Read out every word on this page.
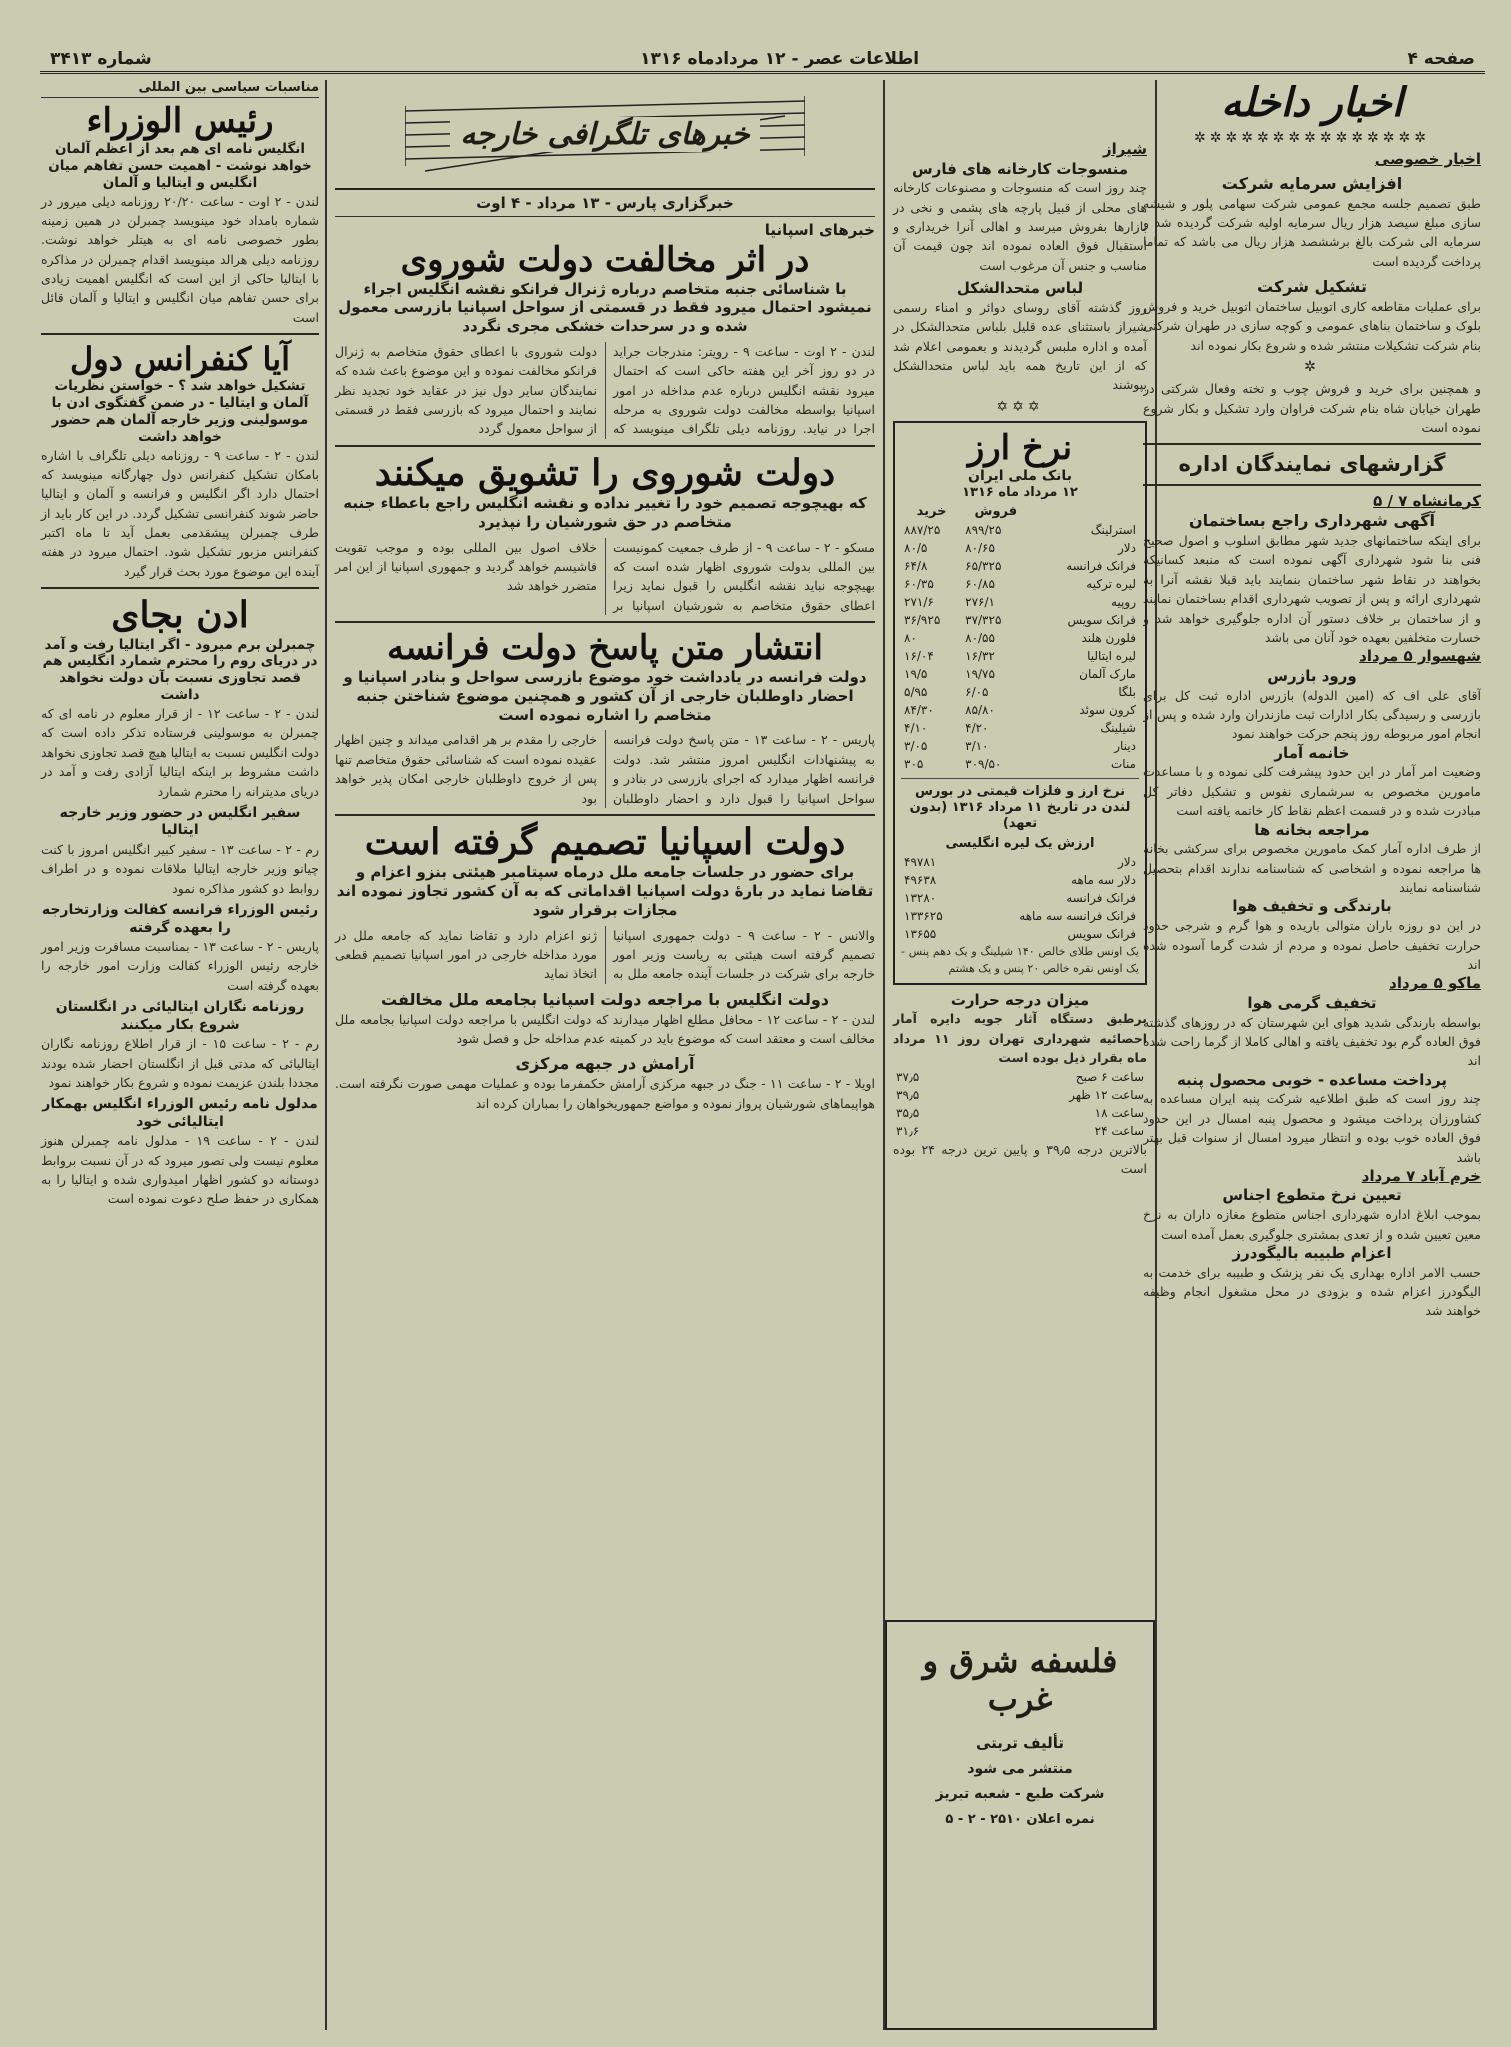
صفحه ۴
اطلاعات عصر - ۱۲ مردادماه ۱۳۱۶
شماره ۳۴۱۳
اخبار داخله
✲✲✲✲✲✲✲✲✲✲✲✲✲✲✲
اخبار خصوصی
افزایش سرمایه شرکت

طبق تصمیم جلسه مجمع عمومی شرکت سهامی پلور و شیشه سازی مبلغ سیصد هزار ریال سرمایه اولیه شرکت گردیده شد و سرمایه الی شرکت بالغ برششصد هزار ریال می باشد که تماما پرداخت گردیده است

تشکیل شرکت

برای عملیات مقاطعه کاری اتوبیل ساختمان اتوبیل خرید و فروش بلوک و ساختمان بناهای عمومی و کوچه سازی در طهران شرکتی بنام شرکت تشکیلات منتشر شده و شروع بکار نموده اند

✲

و همچنین برای خرید و فروش چوب و تخته وفعال شرکتی در طهران خیابان شاه بنام شرکت فراوان وارد تشکیل و بکار شروع نموده است

گزارشهای نمایندگان اداره
کرمانشاه ۷ / ۵
آگهی شهرداری راجع بساختمان

برای اینکه ساختمانهای جدید شهر مطابق اسلوب و اصول صحیح فنی بنا شود شهرداری آگهی نموده است که منبعد کسانیکه بخواهند در نقاط شهر ساختمان بنمایند باید قبلا نقشه آنرا به شهرداری ارائه و پس از تصویب شهرداری اقدام بساختمان نمایند و از ساختمان بر خلاف دستور آن اداره جلوگیری خواهد شد و خسارت متخلفین بعهده خود آنان می باشد

شهسوار ۵ مرداد
ورود بازرس

آقای علی اف که (امین الدوله) بازرس اداره ثبت کل برای بازرسی و رسیدگی بکار ادارات ثبت مازندران وارد شده و پس از انجام امور مربوطه روز پنجم حرکت خواهند نمود

خانمه آمار

وضعیت امر آمار در این حدود پیشرفت کلی نموده و با مساعدت مامورین مخصوص به سرشماری نفوس و تشکیل دفاتر کل مبادرت شده و در قسمت اعظم نقاط کار خاتمه یافته است

مراجعه بخانه ها

از طرف اداره آمار کمک مامورین مخصوص برای سرکشی بخانه ها مراجعه نموده و اشخاصی که شناسنامه ندارند اقدام بتحصیل شناسنامه نمایند

بارندگی و تخفیف هوا

در این دو روزه باران متوالی باریده و هوا گرم و شرجی حدود حرارت تخفیف حاصل نموده و مردم از شدت گرما آسوده شده اند

ماکو ۵ مرداد
تخفیف گرمی هوا

بواسطه بارندگی شدید هوای این شهرستان که در روزهای گذشته فوق العاده گرم بود تخفیف یافته و اهالی کاملا از گرما راحت شده اند

پرداخت مساعده - خوبی محصول پنبه

چند روز است که طبق اطلاعیه شرکت پنبه ایران مساعده به کشاورزان پرداخت میشود و محصول پنبه امسال در این حدود فوق العاده خوب بوده و انتظار میرود امسال از سنوات قبل بهتر باشد

خرم آباد ۷ مرداد
تعیین نرخ متطوع اجناس

بموجب ابلاغ اداره شهرداری اجناس متطوع مغازه داران به نرخ معین تعیین شده و از تعدی بمشتری جلوگیری بعمل آمده است

اعزام طبیبه بالیگودرز

حسب الامر اداره بهداری یک نفر پزشک و طبیبه برای خدمت به الیگودرز اعزام شده و بزودی در محل مشغول انجام وظیفه خواهند شد

شیراز
منسوجات کارخانه های فارس

چند روز است که منسوجات و مصنوعات کارخانه های محلی از قبیل پارچه های پشمی و نخی در بازارها بفروش میرسد و اهالی آنرا خریداری و استقبال فوق العاده نموده اند چون قیمت آن مناسب و جنس آن مرغوب است

لباس متحدالشکل

روز گذشته آقای روسای دوائر و امناء رسمی شیراز باستثنای عده قلیل بلباس متحدالشکل در آمده و اداره ملبس گردیدند و بعمومی اعلام شد که از این تاریخ همه باید لباس متحدالشکل بپوشند

✡✡✡
نرخ ارز
بانک ملی ایران
۱۲ مرداد ماه ۱۳۱۶
	فروش	خرید
استرلینگ	۸۹۹/۲۵	۸۸۷/۲۵
دلار	۸۰/۶۵	۸۰/۵
فرانک فرانسه	۶۵/۳۲۵	۶۴/۸
لیره ترکیه	۶۰/۸۵	۶۰/۳۵
روپیه	۲۷۶/۱	۲۷۱/۶
فرانک سویس	۳۷/۳۲۵	۳۶/۹۲۵
فلورن هلند	۸۰/۵۵	۸۰
لیره ایتالیا	۱۶/۳۲	۱۶/۰۴
مارک آلمان	۱۹/۷۵	۱۹/۵
بلگا	۶/۰۵	۵/۹۵
کرون سوئد	۸۵/۸۰	۸۴/۳۰
شیلینگ	۴/۲۰	۴/۱۰
دینار	۳/۱۰	۳/۰۵
منات	۳۰۹/۵۰	۳۰۵
نرخ ارز و فلزات قیمتی در بورس لندن در تاریخ ۱۱ مرداد ۱۳۱۶ (بدون تعهد)
ارزش یک لیره انگلیسی
دلار	۴۹۷۸۱
دلار سه ماهه	۴۹۶۳۸
فرانک فرانسه	۱۳۲۸۰
فرانک فرانسه سه ماهه	۱۳۳۶۲۵
فرانک سویس	۱۳۶۵۵

یک اونس طلای خالص ۱۴۰ شیلینگ و یک دهم پنس - یک اونس نقره خالص ۲۰ پنس و یک هشتم

میزان درجه حرارت

برطبق دستگاه آثار جویه دایره آمار احصائیه شهرداری تهران روز ۱۱ مرداد ماه بقرار ذیل بوده است

ساعت ۶ صبح	۳۷٫۵
ساعت ۱۲ ظهر	۳۹٫۵
ساعت ۱۸	۳۵٫۵
ساعت ۲۴	۳۱٫۶

بالاترین درجه ۳۹٫۵ و پایین ترین درجه ۲۴ بوده است

فلسفه شرق و غرب
تألیف تربتی
منتشر می شود
شرکت طبع - شعبه تبریز
نمره اعلان ۲۵۱۰ - ۲ - ۵
خبرهای تلگرافی خارجه
خبرگزاری پارس - ۱۳ مرداد - ۴ اوت
خبرهای اسپانیا
در اثر مخالفت دولت شوروی
با شناسائی جنبه متخاصم درباره ژنرال فرانکو نقشه انگلیس اجراء نمیشود احتمال میرود فقط در قسمتی از سواحل اسپانیا بازرسی معمول شده و در سرحدات خشکی مجری نگردد

لندن - ۲ اوت - ساعت ۹ - رویتر: مندرجات جراید در دو روز آخر این هفته حاکی است که احتمال میرود نقشه انگلیس درباره عدم مداخله در امور اسپانیا بواسطه مخالفت دولت شوروی به مرحله اجرا در نیاید. روزنامه دیلی تلگراف مینویسد که دولت شوروی با اعطای حقوق متخاصم به ژنرال فرانکو مخالفت نموده و این موضوع باعث شده که نمایندگان سایر دول نیز در عقاید خود تجدید نظر نمایند و احتمال میرود که بازرسی فقط در قسمتی از سواحل معمول گردد

دولت شوروی را تشویق میکنند
که بهیچوجه تصمیم خود را تغییر نداده و نقشه انگلیس راجع باعطاء جنبه متخاصم در حق شورشیان را نپذیرد

مسکو - ۲ - ساعت ۹ - از طرف جمعیت کمونیست بین المللی بدولت شوروی اظهار شده است که بهیچوجه نباید نقشه انگلیس را قبول نماید زیرا اعطای حقوق متخاصم به شورشیان اسپانیا بر خلاف اصول بین المللی بوده و موجب تقویت فاشیسم خواهد گردید و جمهوری اسپانیا از این امر متضرر خواهد شد

انتشار متن پاسخ دولت فرانسه
دولت فرانسه در یادداشت خود موضوع بازرسی سواحل و بنادر اسپانیا و احضار داوطلبان خارجی از آن کشور و همچنین موضوع شناختن جنبه متخاصم را اشاره نموده است

پاریس - ۲ - ساعت ۱۳ - متن پاسخ دولت فرانسه به پیشنهادات انگلیس امروز منتشر شد. دولت فرانسه اظهار میدارد که اجرای بازرسی در بنادر و سواحل اسپانیا را قبول دارد و احضار داوطلبان خارجی را مقدم بر هر اقدامی میداند و چنین اظهار عقیده نموده است که شناسائی حقوق متخاصم تنها پس از خروج داوطلبان خارجی امکان پذیر خواهد بود

دولت اسپانیا تصمیم گرفته است
برای حضور در جلسات جامعه ملل درماه سپتامبر هیئتی بنزو اعزام و تقاضا نماید در بارۀ دولت اسپانیا اقداماتی که به آن کشور تجاوز نموده اند مجازات برقرار شود

والانس - ۲ - ساعت ۹ - دولت جمهوری اسپانیا تصمیم گرفته است هیئتی به ریاست وزیر امور خارجه برای شرکت در جلسات آینده جامعه ملل به ژنو اعزام دارد و تقاضا نماید که جامعه ملل در مورد مداخله خارجی در امور اسپانیا تصمیم قطعی اتخاذ نماید

دولت انگلیس با مراجعه دولت اسپانیا بجامعه ملل مخالفت

لندن - ۲ - ساعت ۱۲ - محافل مطلع اظهار میدارند که دولت انگلیس با مراجعه دولت اسپانیا بجامعه ملل مخالف است و معتقد است که موضوع باید در کمیته عدم مداخله حل و فصل شود

آرامش در جبهه مرکزی

اویلا - ۲ - ساعت ۱۱ - جنگ در جبهه مرکزی آرامش حکمفرما بوده و عملیات مهمی صورت نگرفته است. هواپیماهای شورشیان پرواز نموده و مواضع جمهوریخواهان را بمباران کرده اند

مناسبات سیاسی بین المللی
رئیس الوزراء
انگلیس نامه ای هم بعد از اعظم آلمان خواهد نوشت - اهمیت حسن تفاهم میان انگلیس و ایتالیا و آلمان

لندن - ۲ اوت - ساعت ۲۰/۲۰ روزنامه دیلی میرور در شماره بامداد خود مینویسد چمبرلن در همین زمینه بطور خصوصی نامه ای به هیتلر خواهد نوشت. روزنامه دیلی هرالد مینویسد اقدام چمبرلن در مذاکره با ایتالیا حاکی از این است که انگلیس اهمیت زیادی برای حسن تفاهم میان انگلیس و ایتالیا و آلمان قائل است

آیا کنفرانس دول
تشکیل خواهد شد ؟ - خواستن نظریات آلمان و ایتالیا - در ضمن گفتگوی ادن با موسولینی وزیر خارجه آلمان هم حضور خواهد داشت

لندن - ۲ - ساعت ۹ - روزنامه دیلی تلگراف با اشاره بامکان تشکیل کنفرانس دول چهارگانه مینویسد که احتمال دارد اگر انگلیس و فرانسه و آلمان و ایتالیا حاضر شوند کنفرانسی تشکیل گردد. در این کار باید از طرف چمبرلن پیشقدمی بعمل آید تا ماه اکتبر کنفرانس مزبور تشکیل شود. احتمال میرود در هفته آینده این موضوع مورد بحث قرار گیرد

ادن بجای
چمبرلن برم میرود - اگر ایتالیا رفت و آمد در دریای روم را محترم شمارد انگلیس هم قصد تجاوزی نسبت بآن دولت نخواهد داشت

لندن - ۲ - ساعت ۱۲ - از قرار معلوم در نامه ای که چمبرلن به موسولینی فرستاده تذکر داده است که دولت انگلیس نسبت به ایتالیا هیچ قصد تجاوزی نخواهد داشت مشروط بر اینکه ایتالیا آزادی رفت و آمد در دریای مدیترانه را محترم شمارد

سفیر انگلیس در حضور وزیر خارجه ایتالیا

رم - ۲ - ساعت ۱۳ - سفیر کبیر انگلیس امروز با کنت چیانو وزیر خارجه ایتالیا ملاقات نموده و در اطراف روابط دو کشور مذاکره نمود

رئیس الوزراء فرانسه کفالت وزارتخارجه را بعهده گرفته

پاریس - ۲ - ساعت ۱۳ - بمناسبت مسافرت وزیر امور خارجه رئیس الوزراء کفالت وزارت امور خارجه را بعهده گرفته است

روزنامه نگاران ایتالیائی در انگلستان شروع بکار میکنند

رم - ۲ - ساعت ۱۵ - از قرار اطلاع روزنامه نگاران ایتالیائی که مدتی قبل از انگلستان احضار شده بودند مجددا بلندن عزیمت نموده و شروع بکار خواهند نمود

مدلول نامه رئیس الوزراء انگلیس بهمکار ایتالیائی خود

لندن - ۲ - ساعت ۱۹ - مدلول نامه چمبرلن هنوز معلوم نیست ولی تصور میرود که در آن نسبت بروابط دوستانه دو کشور اظهار امیدواری شده و ایتالیا را به همکاری در حفظ صلح دعوت نموده است
